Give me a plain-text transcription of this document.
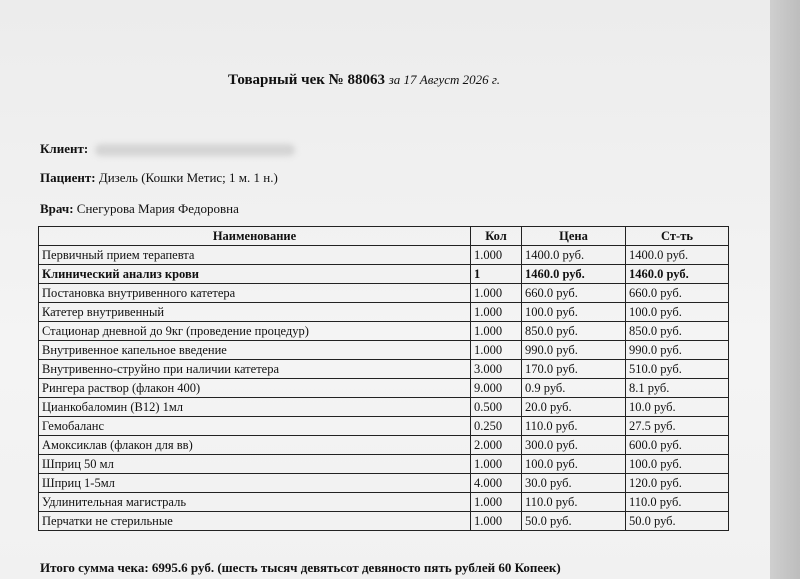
Товарный чек № 88063 за 17 Август 2026 г.
Клиент:
Пациент: Дизель (Кошки Метис; 1 м. 1 н.)
Врач: Снегурова Мария Федоровна
Наименование	Кол	Цена	Ст-ть
Первичный прием терапевта	1.000	1400.0 руб.	1400.0 руб.
Клинический анализ крови	1	1460.0 руб.	1460.0 руб.
Постановка внутривенного катетера	1.000	660.0 руб.	660.0 руб.
Катетер внутривенный	1.000	100.0 руб.	100.0 руб.
Стационар дневной до 9кг (проведение процедур)	1.000	850.0 руб.	850.0 руб.
Внутривенное капельное введение	1.000	990.0 руб.	990.0 руб.
Внутривенно-струйно при наличии катетера	3.000	170.0 руб.	510.0 руб.
Рингера раствор (флакон 400)	9.000	0.9 руб.	8.1 руб.
Цианкобаломин (B12) 1мл	0.500	20.0 руб.	10.0 руб.
Гемобаланс	0.250	110.0 руб.	27.5 руб.
Амоксиклав (флакон для вв)	2.000	300.0 руб.	600.0 руб.
Шприц 50 мл	1.000	100.0 руб.	100.0 руб.
Шприц 1-5мл	4.000	30.0 руб.	120.0 руб.
Удлинительная магистраль	1.000	110.0 руб.	110.0 руб.
Перчатки не стерильные	1.000	50.0 руб.	50.0 руб.
Итого сумма чека: 6995.6 руб. (шесть тысяч девятьсот девяносто пять рублей 60 Копеек)
